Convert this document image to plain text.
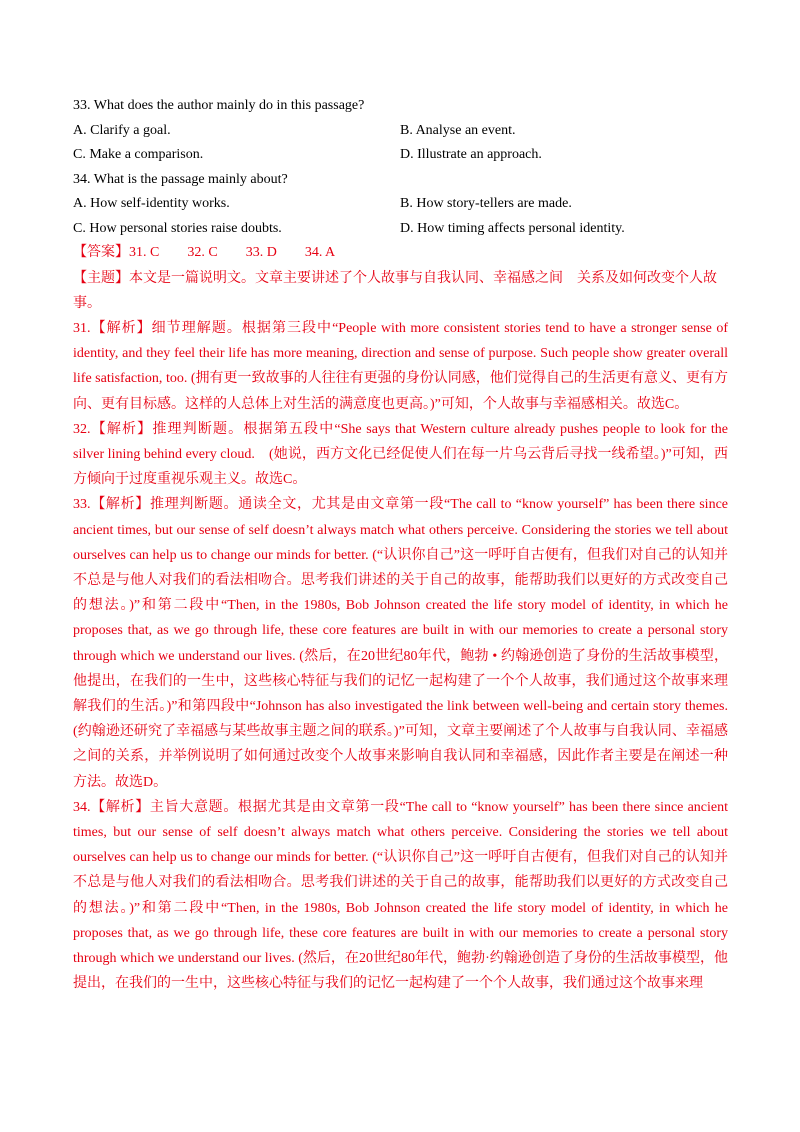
33. What does the author mainly do in this passage?
A. Clarify a goal.	B. Analyse an event.
C. Make a comparison.	D. Illustrate an approach.
34. What is the passage mainly about?
A. How self-identity works.	B. How story-tellers are made.
C. How personal stories raise doubts.	D. How timing affects personal identity.
【答案】31. C 32. C 33. D 34. A

【主题】本文是一篇说明文。文章主要讲述了个人故事与自我认同、幸福感之间　关系及如何改变个人故事。

31.【解析】细节理解题。根据第三段中“People with more consistent stories tend to have a stronger sense of identity, and they feel their life has more meaning, direction and sense of purpose. Such people show greater overall life satisfaction, too. (拥有更一致故事的人往往有更强的身份认同感，他们觉得自己的生活更有意义、更有方向、更有目标感。这样的人总体上对生活的满意度也更高。)”可知，个人故事与幸福感相关。故选C。

32.【解析】推理判断题。根据第五段中“She says that Western culture already pushes people to look for the silver lining behind every cloud.　(她说，西方文化已经促使人们在每一片乌云背后寻找一线希望。)”可知，西方倾向于过度重视乐观主义。故选C。

33.【解析】推理判断题。通读全文，尤其是由文章第一段“The call to “know yourself” has been there since ancient times, but our sense of self doesn’t always match what others perceive. Considering the stories we tell about ourselves can help us to change our minds for better. (“认识你自己”这一呼吁自古便有，但我们对自己的认知并不总是与他人对我们的看法相吻合。思考我们讲述的关于自己的故事，能帮助我们以更好的方式改变自己的想法。)”和第二段中“Then, in the 1980s, Bob Johnson created the life story model of identity, in which he proposes that, as we go through life, these core features are built in with our memories to create a personal story through which we understand our lives. (然后，在20世纪80年代，鲍勃 • 约翰逊创造了身份的生活故事模型，他提出，在我们的一生中，这些核心特征与我们的记忆一起构建了一个个人故事，我们通过这个故事来理解我们的生活。)”和第四段中“Johnson has also investigated the link between well-being and certain story themes. (约翰逊还研究了幸福感与某些故事主题之间的联系。)”可知，文章主要阐述了个人故事与自我认同、幸福感之间的关系，并举例说明了如何通过改变个人故事来影响自我认同和幸福感，因此作者主要是在阐述一种方法。故选D。

34.【解析】主旨大意题。根据尤其是由文章第一段“The call to “know yourself” has been there since ancient times, but our sense of self doesn’t always match what others perceive. Considering the stories we tell about ourselves can help us to change our minds for better. (“认识你自己”这一呼吁自古便有，但我们对自己的认知并不总是与他人对我们的看法相吻合。思考我们讲述的关于自己的故事，能帮助我们以更好的方式改变自己的想法。)”和第二段中“Then, in the 1980s, Bob Johnson created the life story model of identity, in which he proposes that, as we go through life, these core features are built in with our memories to create a personal story through which we understand our lives. (然后，在20世纪80年代，鲍勃·约翰逊创造了身份的生活故事模型，他提出，在我们的一生中，这些核心特征与我们的记忆一起构建了一个个人故事，我们通过这个故事来理
